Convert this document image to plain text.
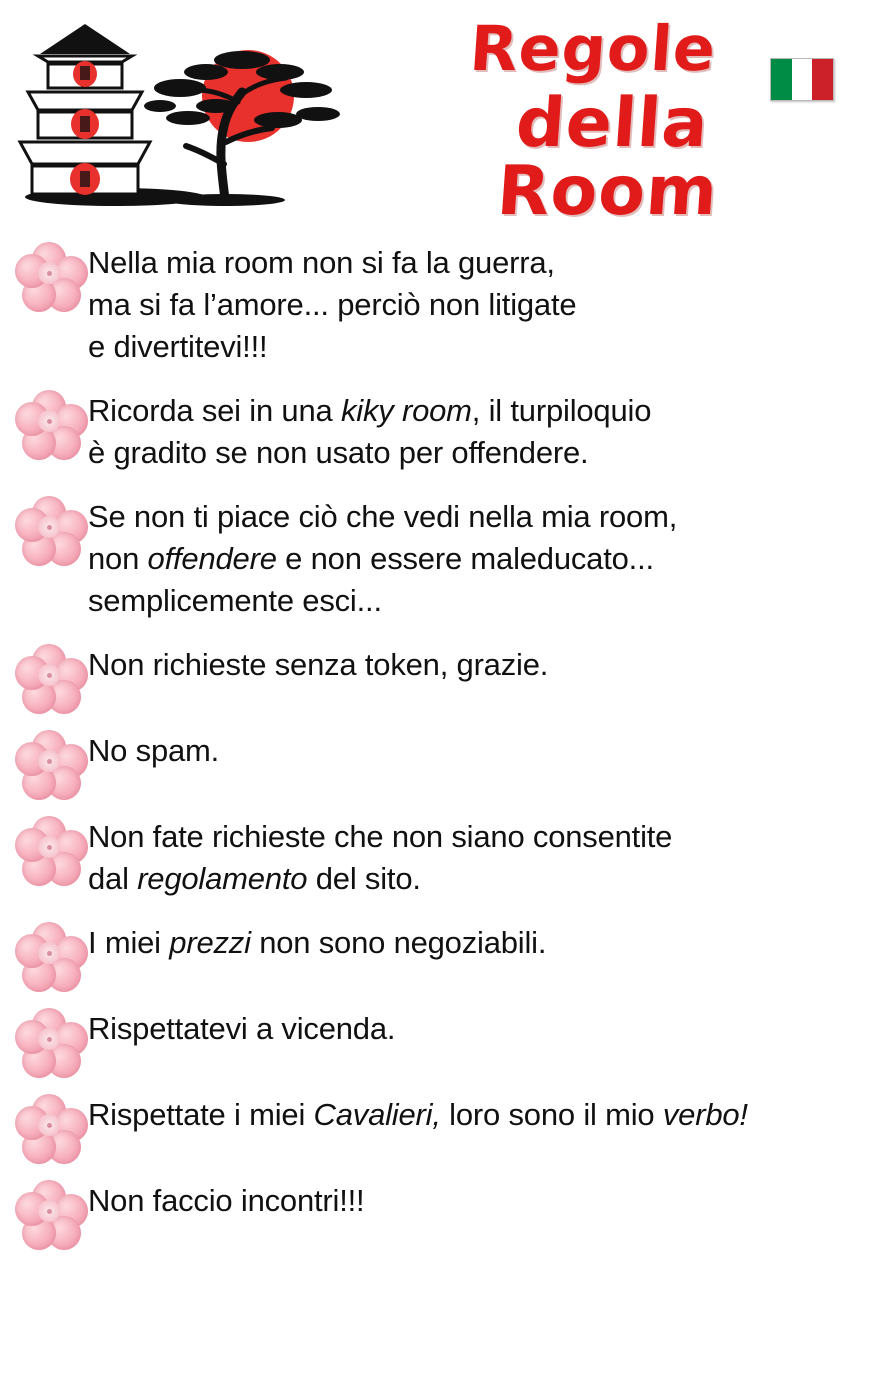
Regole
della Room
Nella mia room non si fa la guerra,
ma si fa l’amore... perciò non litigate
e divertitevi!!!
Ricorda sei in una kiky room, il turpiloquio
è gradito se non usato per offendere.
Se non ti piace ciò che vedi nella mia room,
non offendere e non essere maleducato...
semplicemente esci...
Non richieste senza token, grazie.
No spam.
Non fate richieste che non siano consentite
dal regolamento del sito.
I miei prezzi non sono negoziabili.
Rispettatevi a vicenda.
Rispettate i miei Cavalieri, loro sono il mio verbo!
Non faccio incontri!!!
